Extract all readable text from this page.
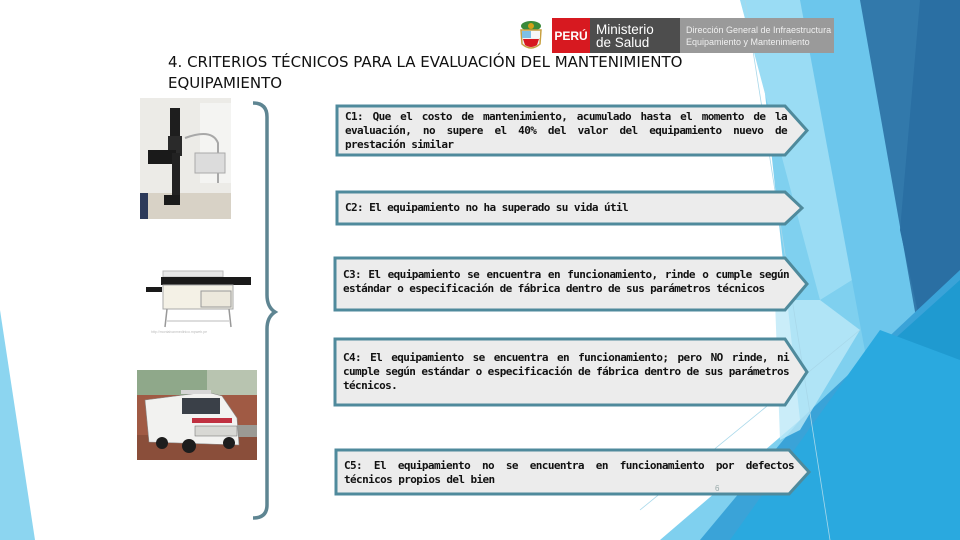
PERÚ Ministerio
de Salud
Dirección General de Infraestructura
Equipamiento y Mantenimiento
4. CRITERIOS TÉCNICOS PARA LA EVALUACIÓN DEL MANTENIMIENTO
EQUIPAMIENTO
http://montalvanmedinico.mpweb.pe
C1: Que el costo de mantenimiento, acumulado hasta el momento de la evaluación, no supere el 40% del valor del equipamiento nuevo de prestación similar
C2: El equipamiento no ha superado su vida útil
C3: El equipamiento se encuentra en funcionamiento, rinde o cumple según estándar o especificación de fábrica dentro de sus parámetros técnicos
C4: El equipamiento se encuentra en funcionamiento; pero NO rinde, ni cumple según estándar o especificación de fábrica dentro de sus parámetros técnicos.
C5: El equipamiento no se encuentra en funcionamiento por defectos técnicos propios del bien
6
